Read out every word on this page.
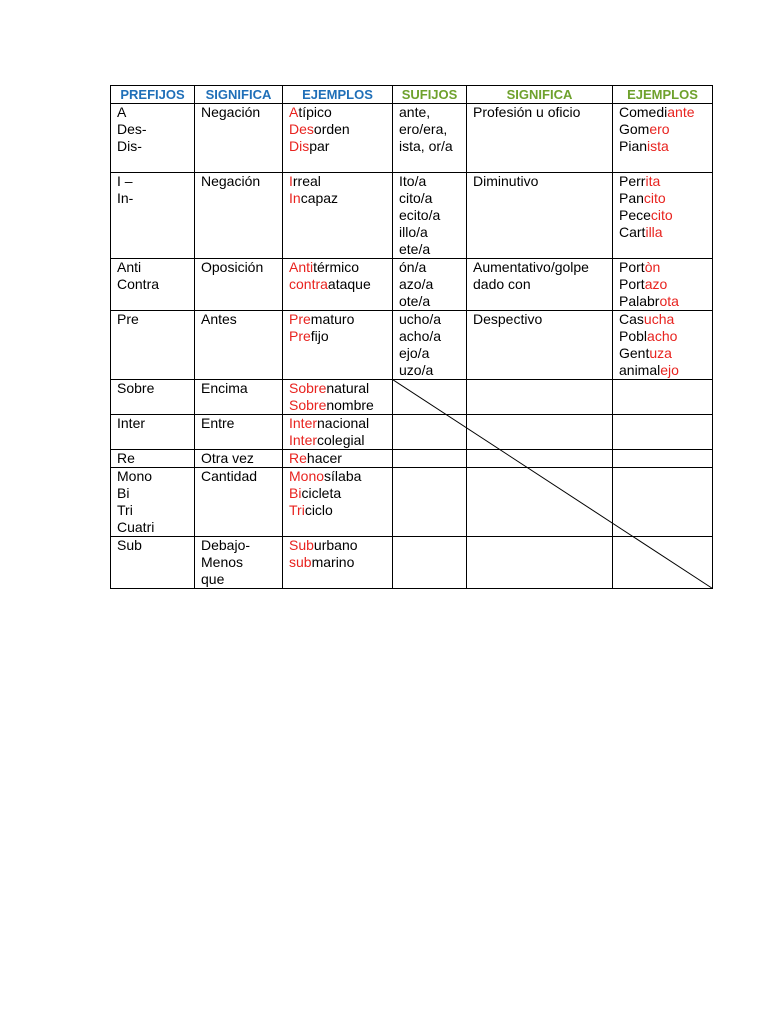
PREFIJOS	SIGNIFICA	EJEMPLOS	SUFIJOS	SIGNIFICA	EJEMPLOS

A
Des-
Dis-	Negación	Atípico
Desorden
Dispar	ante,
ero/era,
ista, or/a	Profesión u oficio	Comediante
Gomero
Pianista

I –
In-	Negación	Irreal
Incapaz	Ito/a
cito/a
ecito/a
illo/a
ete/a	Diminutivo	Perrita
Pancito
Pececito
Cartilla

Anti
Contra	Oposición	Antitérmico
contraataque	ón/a
azo/a
ote/a	Aumentativo/golpe dado con	Portòn
Portazo
Palabrota

Pre	Antes	Prematuro
Prefijo	ucho/a
acho/a
ejo/a
uzo/a	Despectivo	Casucha
Poblacho
Gentuza
animalejo

Sobre	Encima	Sobrenatural
Sobrenombre			

Inter	Entre	Internacional
Intercolegial			

Re	Otra vez	Rehacer			

Mono
Bi
Tri
Cuatri	Cantidad	Monosílaba
Bicicleta
Triciclo			

Sub	Debajo-
Menos
que	Suburbano
submarino			
